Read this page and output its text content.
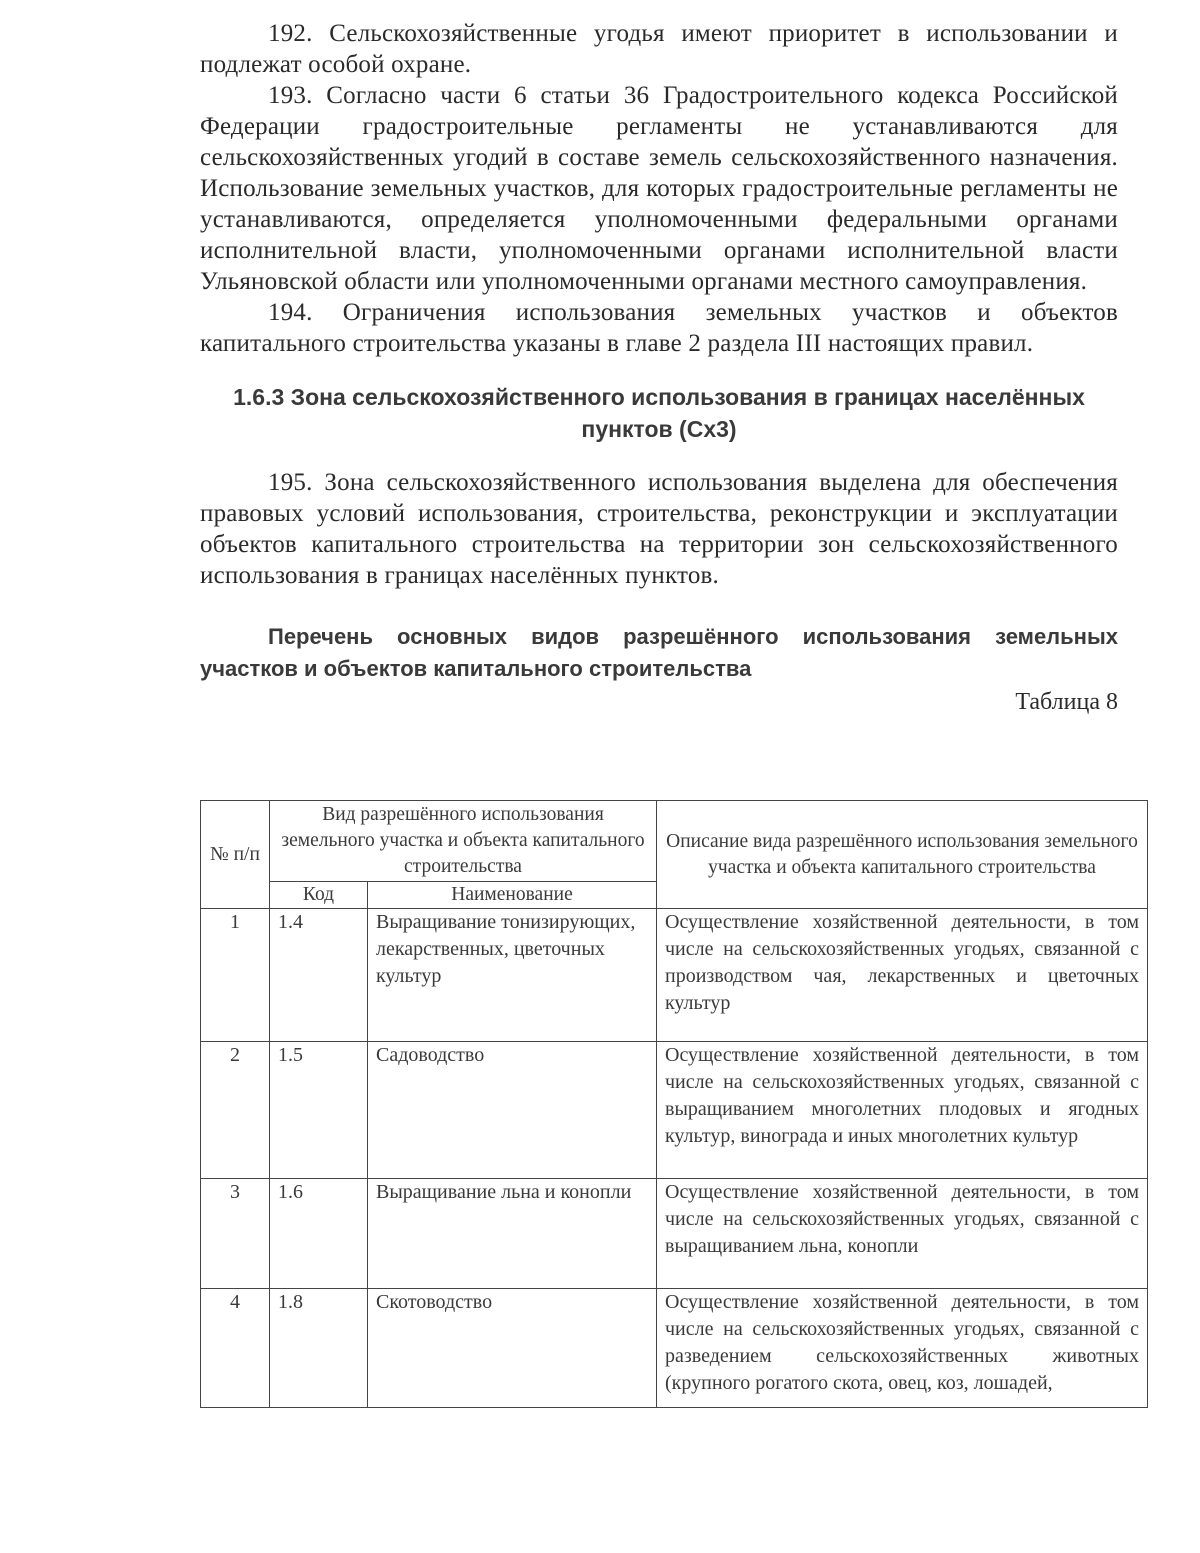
192. Сельскохозяйственные угодья имеют приоритет в использовании и подлежат особой охране.

193. Согласно части 6 статьи 36 Градостроительного кодекса Российской Федерации градостроительные регламенты не устанавливаются для сельскохозяйственных угодий в составе земель сельскохозяйственного назначения. Использование земельных участков, для которых градостроительные регламенты не устанавливаются, определяется уполномоченными федеральными органами исполнительной власти, уполномоченными органами исполнительной власти Ульяновской области или уполномоченными органами местного самоуправления.

194. Ограничения использования земельных участков и объектов капитального строительства указаны в главе 2 раздела III настоящих правил.

1.6.3 Зона сельскохозяйственного использования в границах населённых пунктов (Сх3)

195. Зона сельскохозяйственного использования выделена для обеспечения правовых условий использования, строительства, реконструкции и эксплуатации объектов капитального строительства на территории зон сельскохозяйственного использования в границах населённых пунктов.

Перечень основных видов разрешённого использования земельных участков и объектов капитального строительства

Таблица 8

№ п/п	Вид разрешённого использования земельного участка и объекта капитального строительства		Описание вида разрешённого использования земельного участка и объекта капитального строительства
	Код	Наименование	
1	1.4	Выращивание тонизирующих, лекарственных, цветочных культур	Осуществление хозяйственной деятельности, в том числе на сельскохозяйственных угодьях, связанной с производством чая, лекарственных и цветочных культур
2	1.5	Садоводство	Осуществление хозяйственной деятельности, в том числе на сельскохозяйственных угодьях, связанной с выращиванием многолетних плодовых и ягодных культур, винограда и иных многолетних культур
3	1.6	Выращивание льна и конопли	Осуществление хозяйственной деятельности, в том числе на сельскохозяйственных угодьях, связанной с выращиванием льна, конопли
4	1.8	Скотоводство	Осуществление хозяйственной деятельности, в том числе на сельскохозяйственных угодьях, связанной с разведением сельскохозяйственных животных (крупного рогатого скота, овец, коз, лошадей,
